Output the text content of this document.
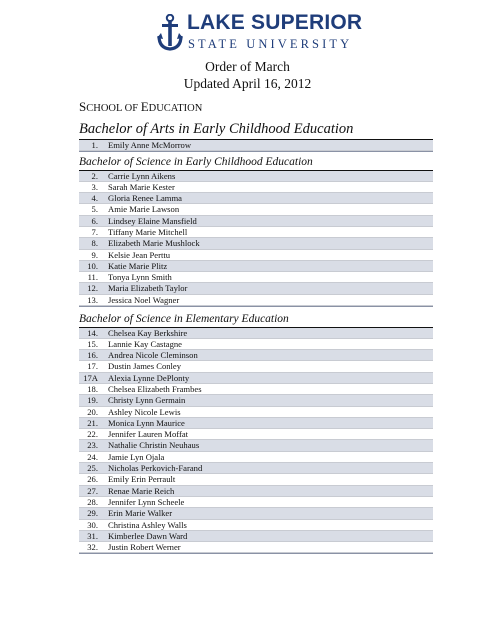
LAKE SUPERIOR
STATE UNIVERSITY
Order of March
Updated April 16, 2012
SCHOOL OF EDUCATION
Bachelor of Arts in Early Childhood Education
1. Emily Anne McMorrow
Bachelor of Science in Early Childhood Education
2. Carrie Lynn Aikens
3. Sarah Marie Kester
4. Gloria Renee Lamma
5. Amie Marie Lawson
6. Lindsey Elaine Mansfield
7. Tiffany Marie Mitchell
8. Elizabeth Marie Mushlock
9. Kelsie Jean Perttu
10. Katie Marie Plitz
11. Tonya Lynn Smith
12. Maria Elizabeth Taylor
13. Jessica Noel Wagner
Bachelor of Science in Elementary Education
14. Chelsea Kay Berkshire
15. Lannie Kay Castagne
16. Andrea Nicole Cleminson
17. Dustin James Conley
17A Alexia Lynne DePlonty
18. Chelsea Elizabeth Frambes
19. Christy Lynn Germain
20. Ashley Nicole Lewis
21. Monica Lynn Maurice
22. Jennifer Lauren Moffat
23. Nathalie Christin Neuhaus
24. Jamie Lyn Ojala
25. Nicholas Perkovich-Farand
26. Emily Erin Perrault
27. Renae Marie Reich
28. Jennifer Lynn Scheele
29. Erin Marie Walker
30. Christina Ashley Walls
31. Kimberlee Dawn Ward
32. Justin Robert Werner
